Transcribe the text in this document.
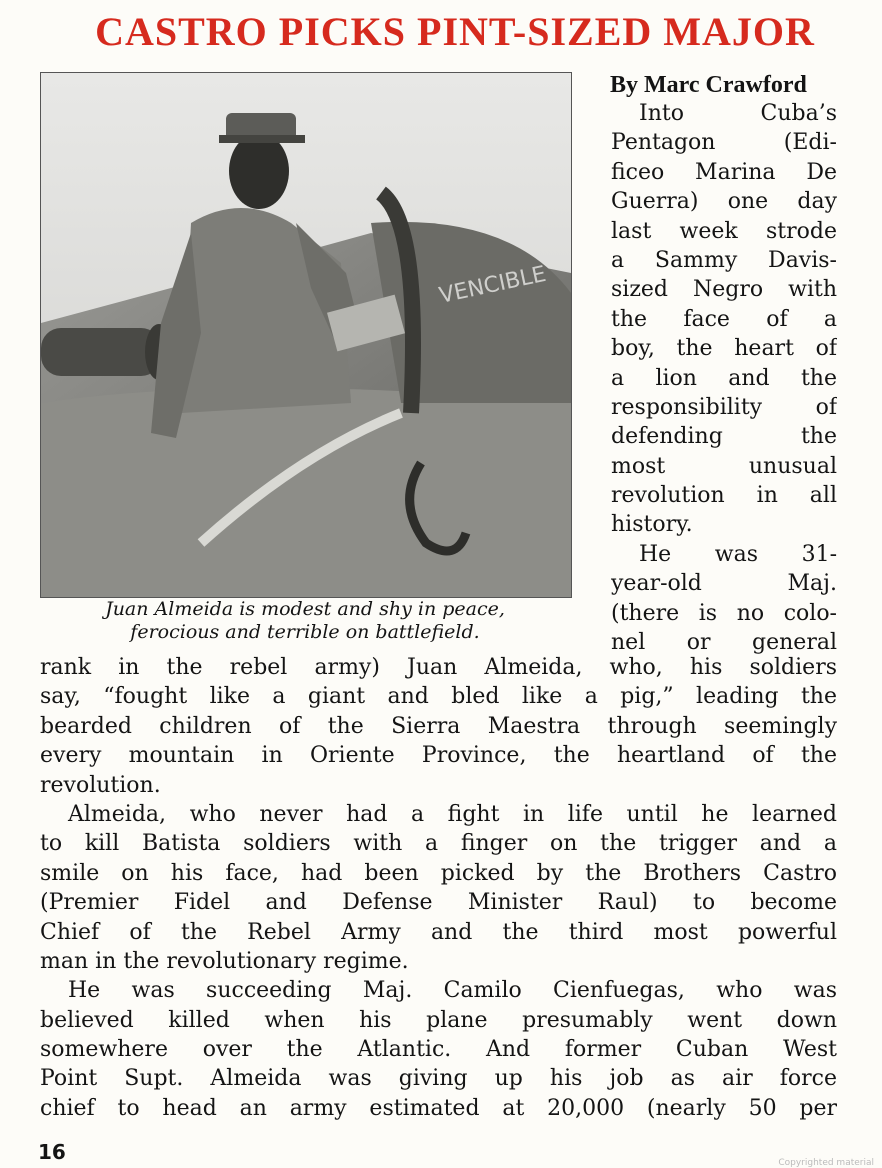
CASTRO PICKS PINT-SIZED MAJOR
VENCIBLE
Juan Almeida is modest and shy in peace,
ferocious and terrible on battlefield.
By Marc Crawford
Into Cuba’s
Pentagon (Edi-
ficeo Marina De
Guerra) one day
last week strode
a Sammy Davis-
sized Negro with
the face of a
boy, the heart of
a lion and the
responsibility of
defending the
most unusual
revolution in all
history.
He was 31-
year-old Maj.
(there is no colo-
nel or general
rank in the rebel army) Juan Almeida, who, his soldiers
say, “fought like a giant and bled like a pig,” leading the
bearded children of the Sierra Maestra through seemingly
every mountain in Oriente Province, the heartland of the
revolution.
Almeida, who never had a fight in life until he learned
to kill Batista soldiers with a finger on the trigger and a
smile on his face, had been picked by the Brothers Castro
(Premier Fidel and Defense Minister Raul) to become
Chief of the Rebel Army and the third most powerful
man in the revolutionary regime.
He was succeeding Maj. Camilo Cienfuegas, who was
believed killed when his plane presumably went down
somewhere over the Atlantic. And former Cuban West
Point Supt. Almeida was giving up his job as air force
chief to head an army estimated at 20,000 (nearly 50 per
16	Copyrighted material
